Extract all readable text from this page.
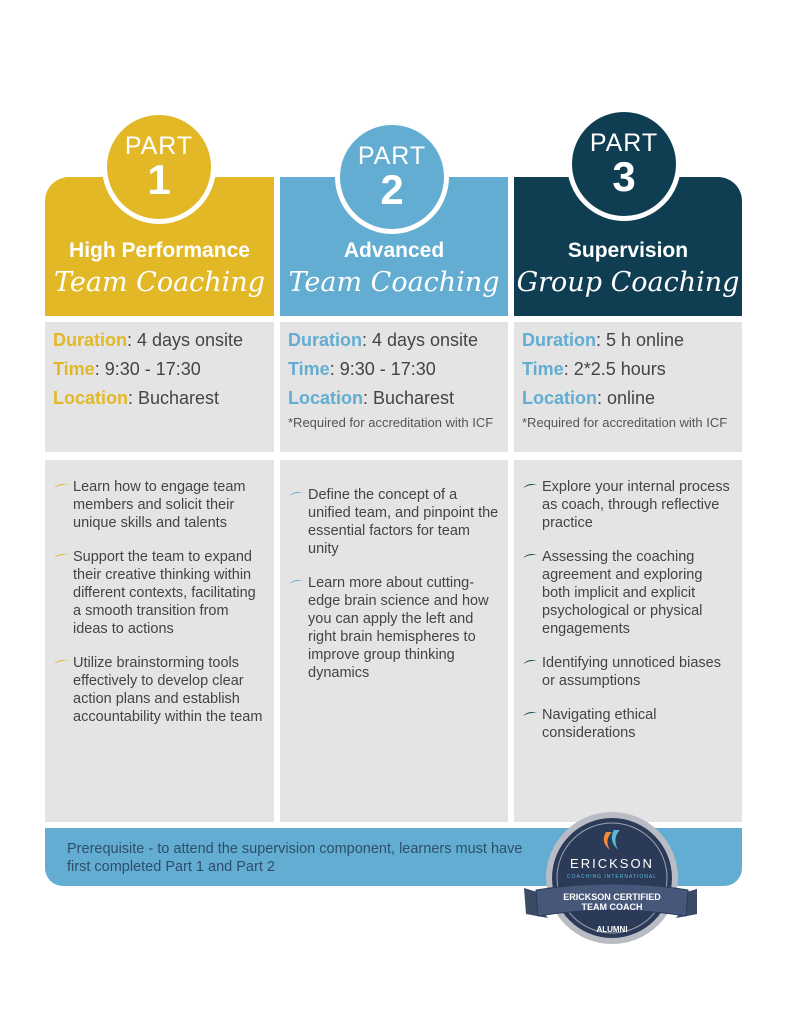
High Performance
Team Coaching
PART
1
Duration: 4 days onsite
Time: 9:30 - 17:30
Location: Bucharest
Learn how to engage team members and solicit their unique skills and talents
Support the team to expand their creative thinking within different contexts, facilitating a smooth transition from ideas to actions
Utilize brainstorming tools effectively to develop clear action plans and establish accountability within the team
Advanced
Team Coaching
PART
2
Duration: 4 days onsite
Time: 9:30 - 17:30
Location: Bucharest
*Required for accreditation with ICF
Define the concept of a unified team, and pinpoint the essential factors for team unity
Learn more about cutting-edge brain science and how you can apply the left and right brain hemispheres to improve group thinking dynamics
Supervision
Group Coaching
PART
3
Duration: 5 h online
Time: 2*2.5 hours
Location: online
*Required for accreditation with ICF
Explore your internal process as coach, through reflective practice
Assessing the coaching agreement and exploring both implicit and explicit psychological or physical engagements
Identifying unnoticed biases or assumptions
Navigating ethical considerations
Prerequisite - to attend the supervision component, learners must have first completed Part 1 and Part 2	ERICKSON
COACHING INTERNATIONAL
ERICKSON CERTIFIED
TEAM COACH
ALUMNI
